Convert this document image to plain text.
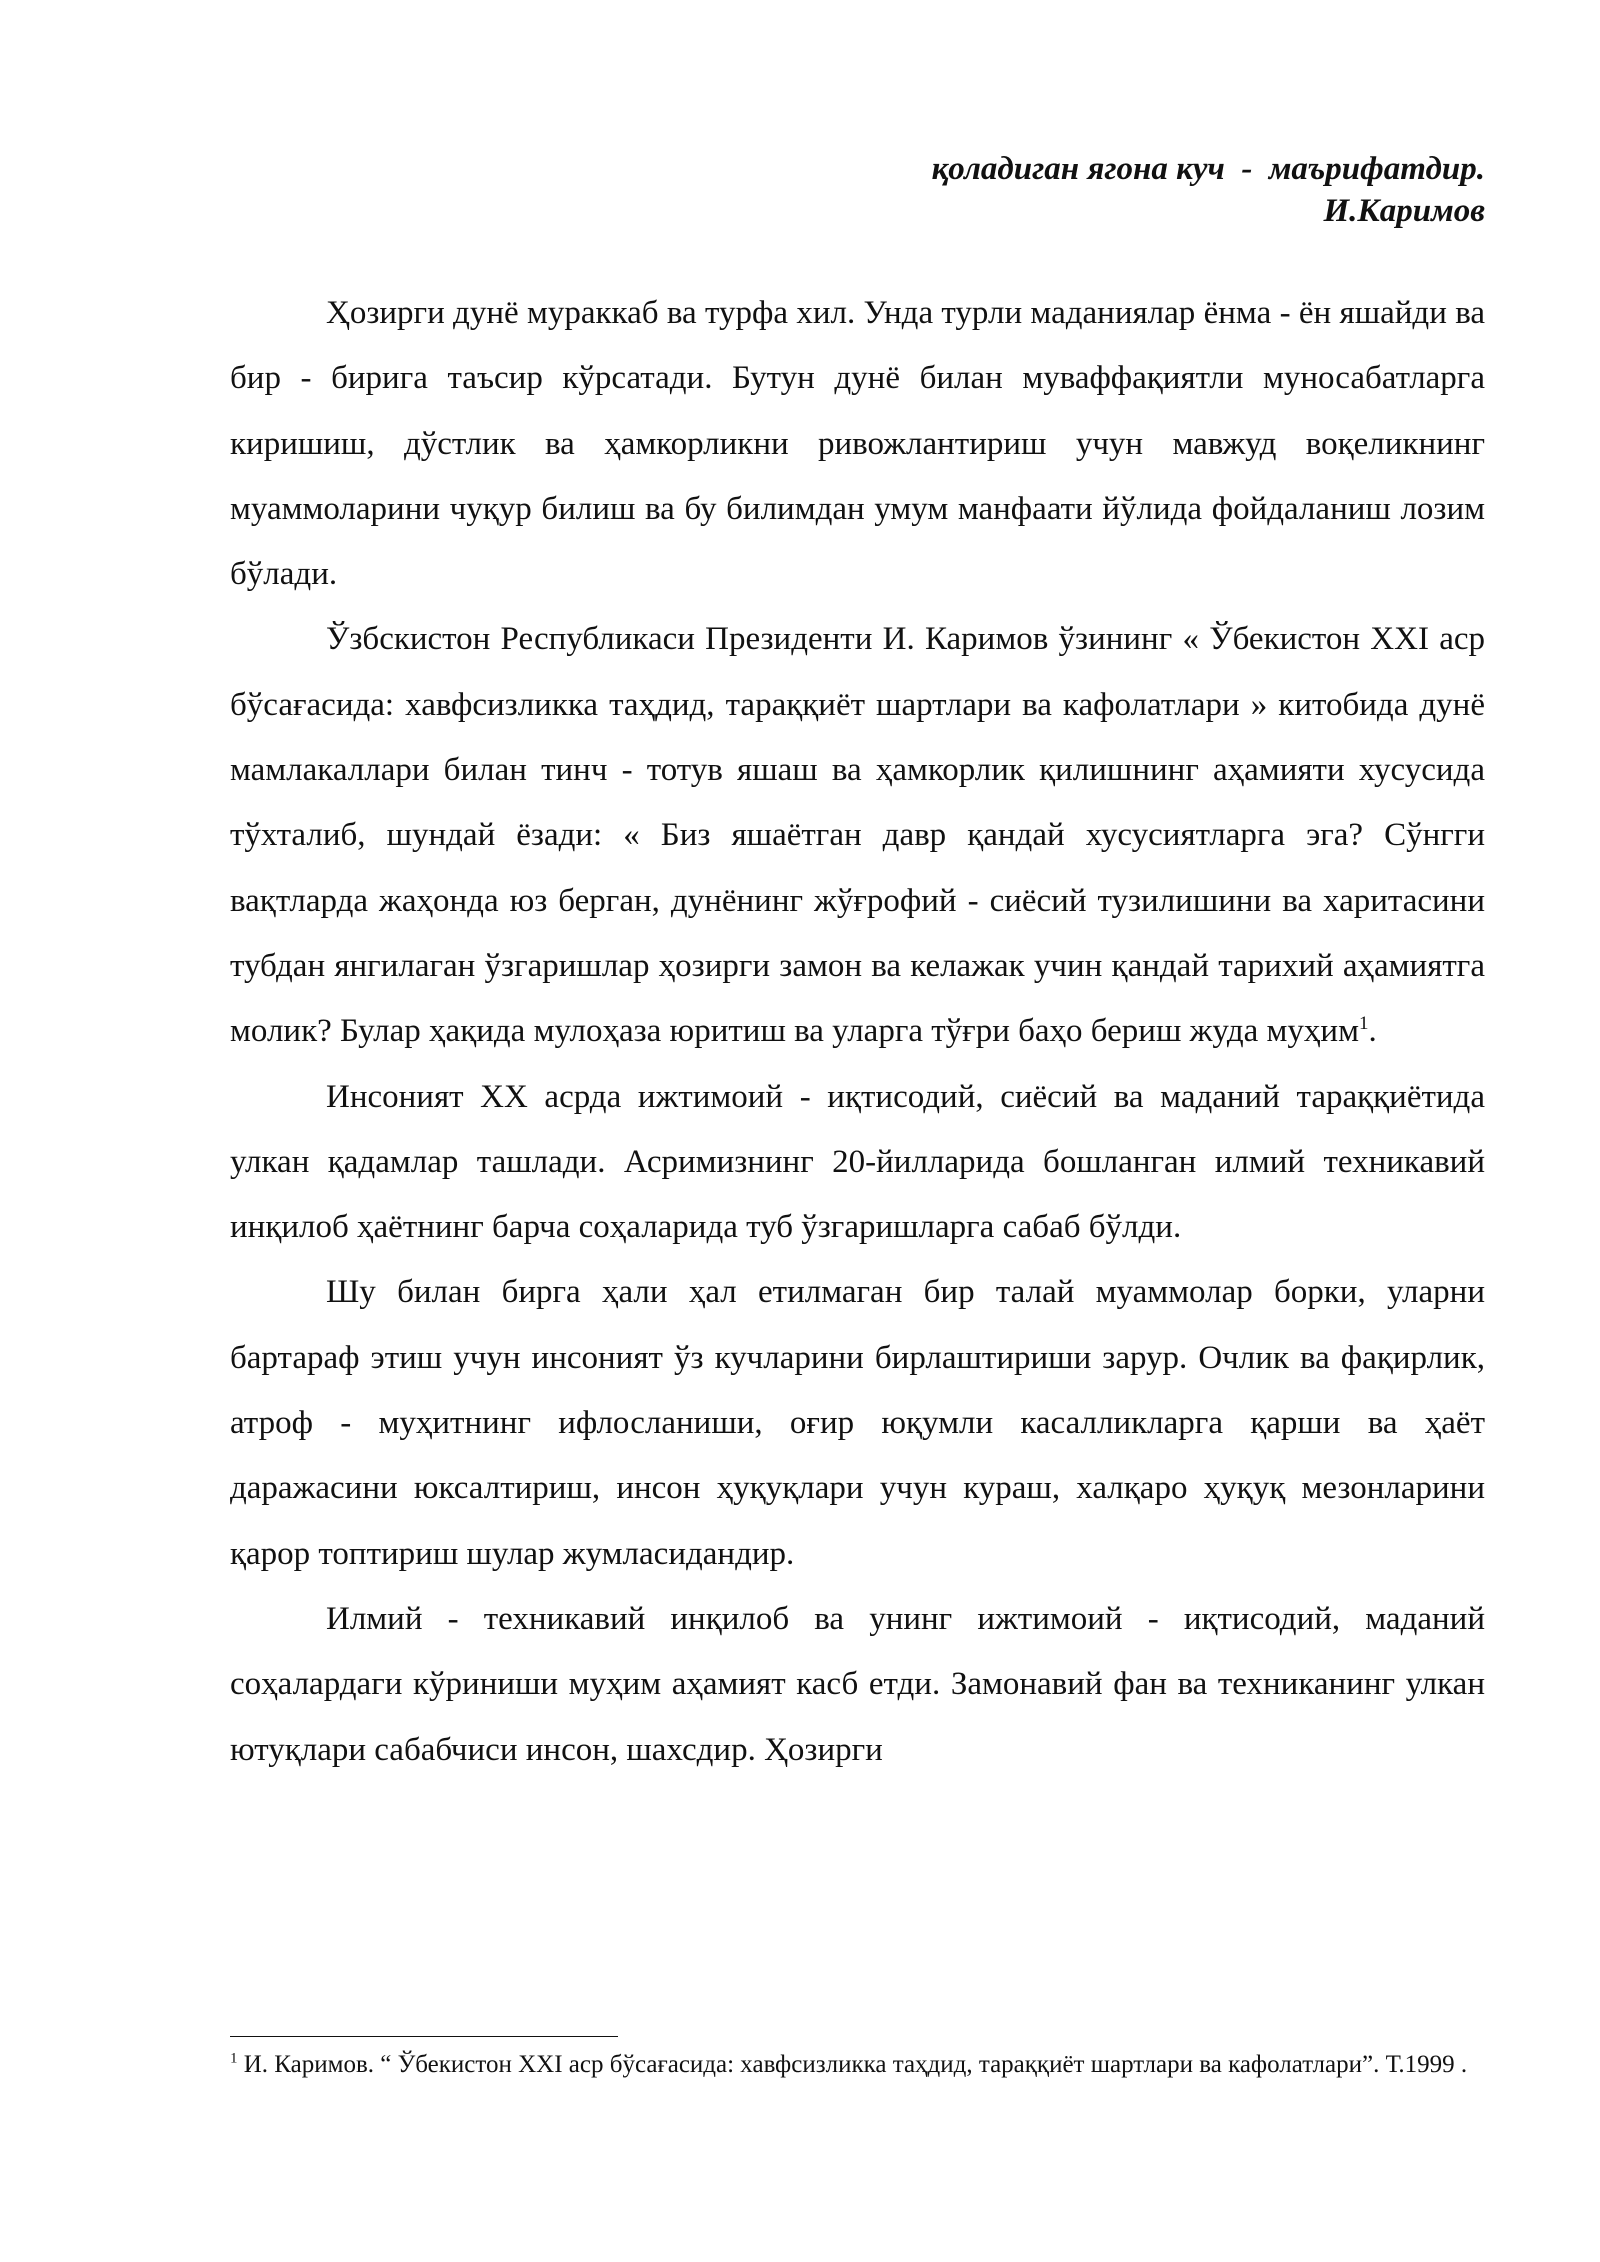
қоладиган ягона куч  -  маърифатдир.
И.Каримов

Ҳозирги дунё мураккаб ва турфа хил. Унда турли маданиялар ёнма - ён яшайди ва бир - бирига таъсир кўрсатади. Бутун дунё билан муваффақиятли муносабатларга киришиш, дўстлик ва ҳамкорликни ривожлантириш учун мавжуд воқеликнинг муаммоларини чуқур билиш ва бу билимдан умум манфаати йўлида фойдаланиш лозим бўлади.

Ўзбскистон Республикаси Президенти И. Каримов ўзининг « Ўбекистон XXI аср бўсағасида: хавфсизликка таҳдид, тараққиёт шартлари ва кафолатлари » китобида дунё мамлакаллари билан тинч - тотув яшаш ва ҳамкорлик қилишнинг аҳамияти хусусида тўхталиб, шундай ёзади: « Биз яшаётган давр қандай хусусиятларга эга? Сўнгги вақтларда жаҳонда юз берган, дунёнинг жўғрофий - сиёсий тузилишини ва харитасини тубдан янгилаган ўзгаришлар ҳозирги замон ва келажак учин қандай тарихий аҳамиятга молик? Булар ҳақида мулоҳаза юритиш ва уларга тўғри баҳо бериш жуда муҳим$^1$.

Инсоният XX асрда ижтимоий - иқтисодий, сиёсий ва маданий тараққиётида улкан қадамлар ташлади. Асримизнинг 20-йилларида бошланган илмий техникавий инқилоб ҳаётнинг барча соҳаларида туб ўзгаришларга сабаб бўлди.

Шу билан бирга ҳали ҳал етилмаган бир талай муаммолар борки, уларни бартараф этиш учун инсоният ўз кучларини бирлаштириши зарур. Очлик ва фақирлик, атроф - муҳитнинг ифлосланиши, оғир юқумли касалликларга қарши ва ҳаёт даражасини юксалтириш, инсон ҳуқуқлари учун кураш, халқаро ҳуқуқ мезонларини қарор топтириш шулар жумласидандир.

Илмий - техникавий инқилоб ва унинг ижтимоий - иқтисодий, маданий соҳалардаги кўриниши муҳим аҳамият касб етди. Замонавий фан ва техниканинг улкан ютуқлари сабабчиси инсон, шахсдир. Ҳозирги

$^1$ И. Каримов. “ Ўбекистон XXI аср бўсағасида: хавфсизликка таҳдид, тараққиёт шартлари ва кафолатлари”. Т.1999 .
